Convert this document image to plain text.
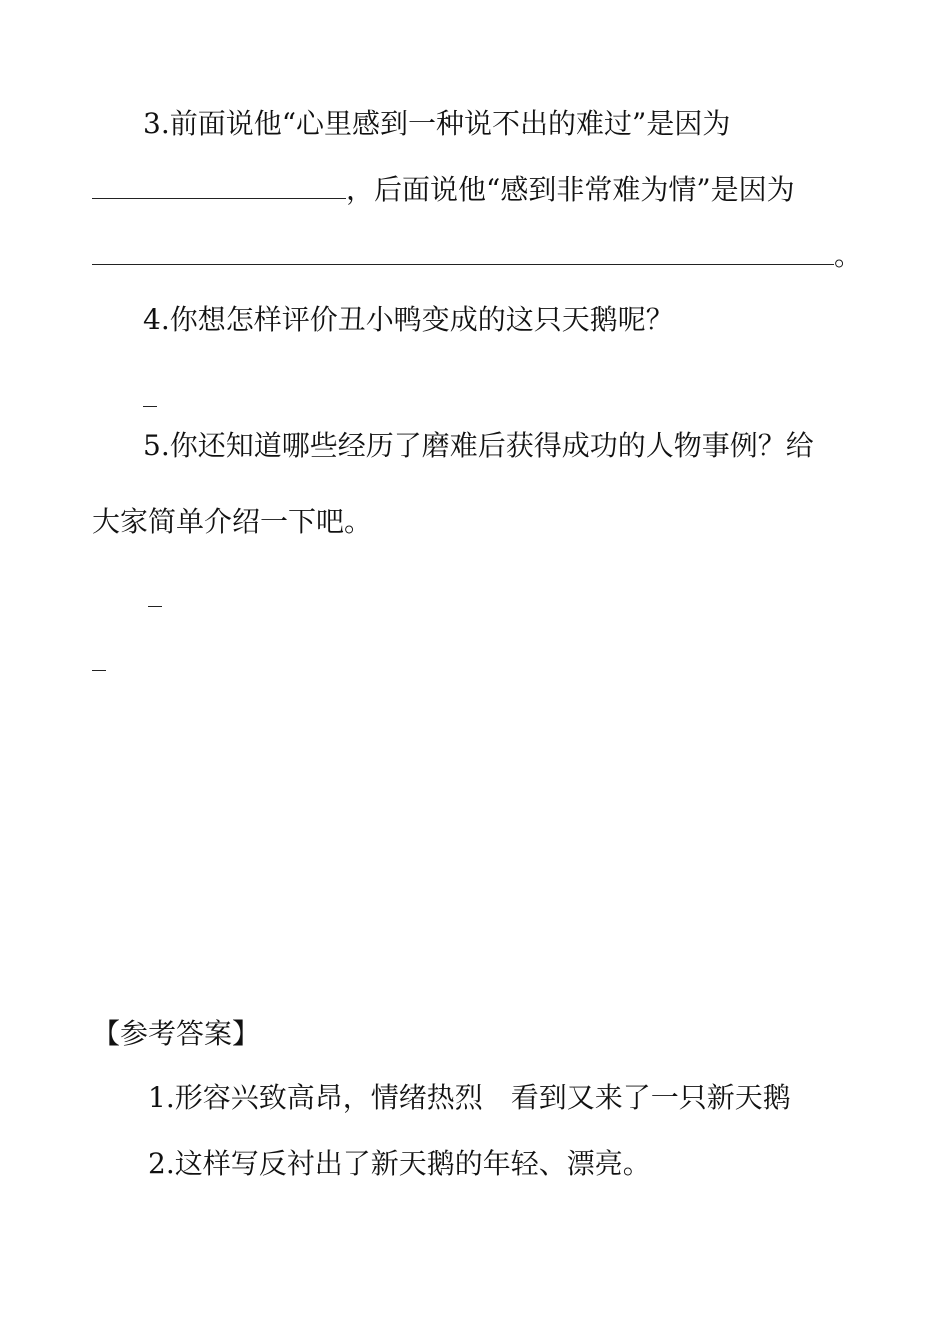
3.前面说他“心里感到一种说不出的难过”是因为
，后面说他“感到非常难为情”是因为
。
4.你想怎样评价丑小鸭变成的这只天鹅呢？
5.你还知道哪些经历了磨难后获得成功的人物事例？给
大家简单介绍一下吧。
【参考答案】
1.形容兴致高昂，情绪热烈　看到又来了一只新天鹅
2.这样写反衬出了新天鹅的年轻、漂亮。
